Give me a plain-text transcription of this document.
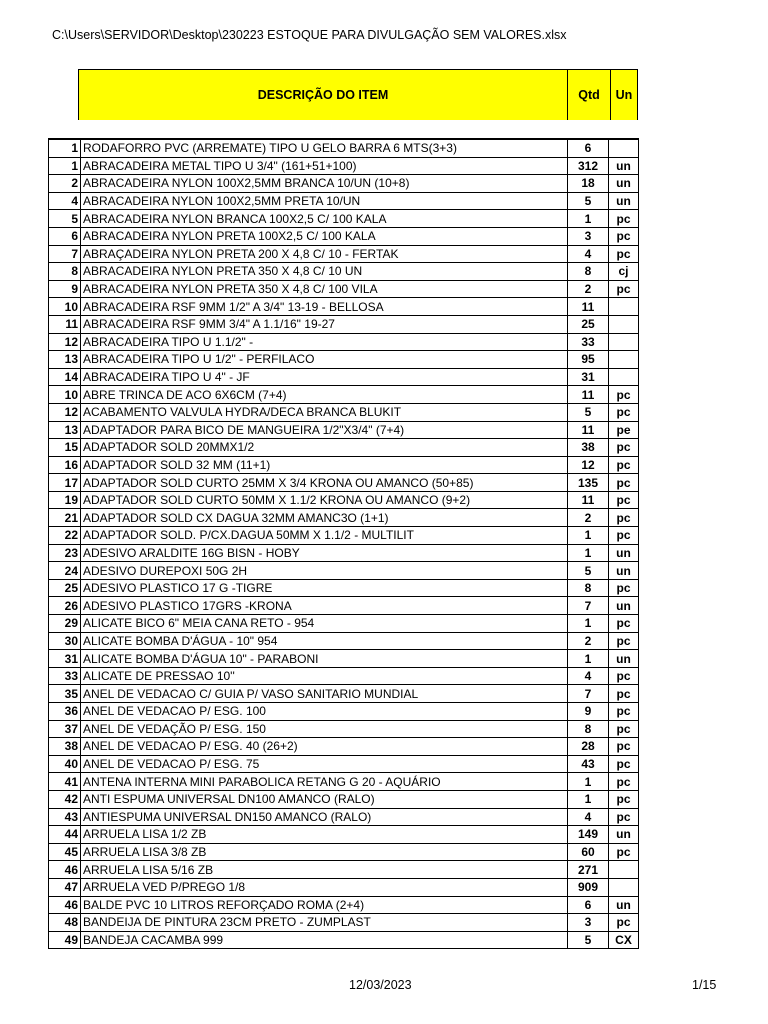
C:\Users\SERVIDOR\Desktop\230223 ESTOQUE PARA DIVULGAÇÃO SEM VALORES.xlsx
DESCRIÇÃO DO ITEM	Qtd	Un
1	RODAFORRO PVC (ARREMATE) TIPO U GELO BARRA 6 MTS(3+3)	6	
1	ABRACADEIRA METAL TIPO U 3/4" (161+51+100)	312	un
2	ABRACADEIRA NYLON 100X2,5MM BRANCA 10/UN (10+8)	18	un
4	ABRACADEIRA NYLON 100X2,5MM PRETA 10/UN	5	un
5	ABRACADEIRA NYLON BRANCA 100X2,5 C/ 100 KALA	1	pc
6	ABRACADEIRA NYLON PRETA 100X2,5 C/ 100 KALA	3	pc
7	ABRAÇADEIRA NYLON PRETA 200 X 4,8 C/ 10 - FERTAK	4	pc
8	ABRACADEIRA NYLON PRETA 350 X 4,8 C/ 10 UN	8	cj
9	ABRACADEIRA NYLON PRETA 350 X 4,8 C/ 100 VILA	2	pc
10	ABRACADEIRA RSF 9MM 1/2" A 3/4" 13-19 - BELLOSA	11	
11	ABRACADEIRA RSF 9MM 3/4" A 1.1/16" 19-27	25	
12	ABRACADEIRA TIPO U 1.1/2" -	33	
13	ABRACADEIRA TIPO U 1/2" - PERFILACO	95	
14	ABRACADEIRA TIPO U 4" - JF	31	
10	ABRE TRINCA DE ACO 6X6CM (7+4)	11	pc
12	ACABAMENTO VALVULA HYDRA/DECA BRANCA BLUKIT	5	pc
13	ADAPTADOR PARA BICO DE MANGUEIRA 1/2"X3/4" (7+4)	11	pe
15	ADAPTADOR SOLD 20MMX1/2	38	pc
16	ADAPTADOR SOLD 32 MM (11+1)	12	pc
17	ADAPTADOR SOLD CURTO 25MM X 3/4 KRONA OU AMANCO (50+85)	135	pc
19	ADAPTADOR SOLD CURTO 50MM X 1.1/2 KRONA OU AMANCO (9+2)	11	pc
21	ADAPTADOR SOLD CX DAGUA 32MM AMANC3O (1+1)	2	pc
22	ADAPTADOR SOLD. P/CX.DAGUA 50MM X 1.1/2 - MULTILIT	1	pc
23	ADESIVO ARALDITE 16G BISN - HOBY	1	un
24	ADESIVO DUREPOXI 50G 2H	5	un
25	ADESIVO PLASTICO 17 G -TIGRE	8	pc
26	ADESIVO PLASTICO 17GRS -KRONA	7	un
29	ALICATE BICO 6" MEIA CANA RETO - 954	1	pc
30	ALICATE BOMBA D'ÁGUA - 10" 954	2	pc
31	ALICATE BOMBA D'ÁGUA 10" - PARABONI	1	un
33	ALICATE DE PRESSAO 10''	4	pc
35	ANEL DE VEDACAO C/ GUIA P/ VASO SANITARIO MUNDIAL	7	pc
36	ANEL DE VEDACAO P/ ESG. 100	9	pc
37	ANEL DE VEDAÇÃO P/ ESG. 150	8	pc
38	ANEL DE VEDACAO P/ ESG. 40 (26+2)	28	pc
40	ANEL DE VEDACAO P/ ESG. 75	43	pc
41	ANTENA INTERNA MINI PARABOLICA RETANG G 20 - AQUÁRIO	1	pc
42	ANTI ESPUMA UNIVERSAL DN100 AMANCO (RALO)	1	pc
43	ANTIESPUMA UNIVERSAL DN150 AMANCO (RALO)	4	pc
44	ARRUELA LISA 1/2 ZB	149	un
45	ARRUELA LISA 3/8 ZB	60	pc
46	ARRUELA LISA 5/16 ZB	271	
47	ARRUELA VED P/PREGO 1/8	909	
46	BALDE PVC 10 LITROS REFORÇADO ROMA (2+4)	6	un
48	BANDEIJA DE PINTURA 23CM PRETO - ZUMPLAST	3	pc
49	BANDEJA CACAMBA 999	5	CX
12/03/2023	1/15
